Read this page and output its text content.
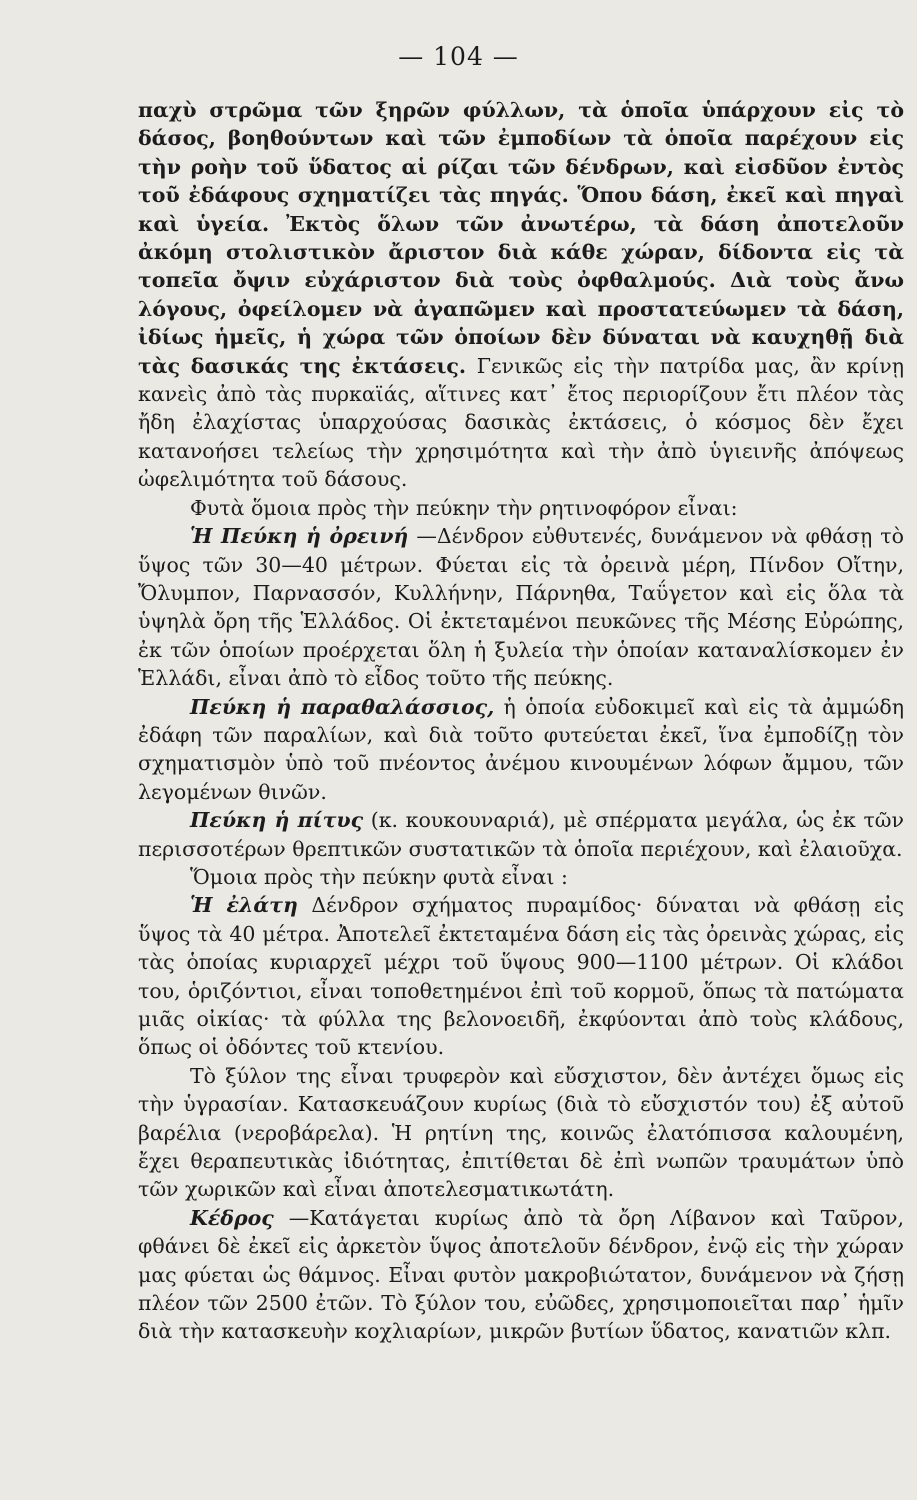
— 104 —

παχὺ στρῶμα τῶν ξηρῶν φύλλων, τὰ ὁποῖα ὑπάρχουν εἰς τὸ δάσος, βοηθούντων καὶ τῶν ἐμποδίων τὰ ὁποῖα παρέχουν εἰς τὴν ροὴν τοῦ ὕδατος αἱ ρίζαι τῶν δένδρων, καὶ εἰσδῦον ἐντὸς τοῦ ἐδάφους σχηματίζει τὰς πηγάς. Ὅπου δάση, ἐκεῖ καὶ πηγαὶ καὶ ὑγεία. Ἐκτὸς ὅλων τῶν ἀνωτέρω, τὰ δάση ἀποτελοῦν ἀκόμη στολιστικὸν ἄριστον διὰ κάθε χώραν, δίδοντα εἰς τὰ τοπεῖα ὄψιν εὐχάριστον διὰ τοὺς ὀφθαλμούς. Διὰ τοὺς ἄνω λόγους, ὀφείλομεν νὰ ἀγαπῶμεν καὶ προστατεύωμεν τὰ δάση, ἰδίως ἡμεῖς, ἡ χώρα τῶν ὁποίων δὲν δύναται νὰ καυχηθῇ διὰ τὰς δασικάς της ἐκτάσεις. Γενικῶς εἰς τὴν πατρίδα μας, ἂν κρίνῃ κανεὶς ἀπὸ τὰς πυρκαϊάς, αἵτινες κατ᾽ ἔτος περιορίζουν ἔτι πλέον τὰς ἤδη ἐλαχίστας ὑπαρχούσας δασικὰς ἐκτάσεις, ὁ κόσμος δὲν ἔχει κατανοήσει τελείως τὴν χρησιμότητα καὶ τὴν ἀπὸ ὑγιεινῆς ἀπόψεως ὠφελιμότητα τοῦ δάσους.

Φυτὰ ὅμοια πρὸς τὴν πεύκην τὴν ρητινοφόρον εἶναι:

Ἡ Πεύκη ἡ ὀρεινή —Δένδρον εὐθυτενές, δυνάμενον νὰ φθάσῃ τὸ ὕψος τῶν 30—40 μέτρων. Φύεται εἰς τὰ ὀρεινὰ μέρη, Πίνδον Οἴτην, Ὄλυμπον, Παρνασσόν, Κυλλήνην, Πάρνηθα, Ταΰγετον καὶ εἰς ὅλα τὰ ὑψηλὰ ὄρη τῆς Ἑλλάδος. Οἱ ἐκτεταμένοι πευκῶνες τῆς Μέσης Εὐρώπης, ἐκ τῶν ὁποίων προέρχεται ὅλη ἡ ξυλεία τὴν ὁποίαν καταναλίσκομεν ἐν Ἑλλάδι, εἶναι ἀπὸ τὸ εἶδος τοῦτο τῆς πεύκης.

Πεύκη ἡ παραθαλάσσιος, ἡ ὁποία εὐδοκιμεῖ καὶ εἰς τὰ ἀμμώδη ἐδάφη τῶν παραλίων, καὶ διὰ τοῦτο φυτεύεται ἐκεῖ, ἵνα ἐμποδίζῃ τὸν σχηματισμὸν ὑπὸ τοῦ πνέοντος ἀνέμου κινουμένων λόφων ἄμμου, τῶν λεγομένων θινῶν.

Πεύκη ἡ πίτυς (κ. κουκουναριά), μὲ σπέρματα μεγάλα, ὡς ἐκ τῶν περισσοτέρων θρεπτικῶν συστατικῶν τὰ ὁποῖα περιέχουν, καὶ ἐλαιοῦχα.

Ὅμοια πρὸς τὴν πεύκην φυτὰ εἶναι :

Ἡ ἐλάτη Δένδρον σχήματος πυραμίδος· δύναται νὰ φθάσῃ εἰς ὕψος τὰ 40 μέτρα. Ἀποτελεῖ ἐκτεταμένα δάση εἰς τὰς ὀρεινὰς χώρας, εἰς τὰς ὁποίας κυριαρχεῖ μέχρι τοῦ ὕψους 900—1100 μέτρων. Οἱ κλάδοι του, ὁριζόντιοι, εἶναι τοποθετημένοι ἐπὶ τοῦ κορμοῦ, ὅπως τὰ πατώματα μιᾶς οἰκίας· τὰ φύλλα της βελονοειδῆ, ἐκφύονται ἀπὸ τοὺς κλάδους, ὅπως οἱ ὀδόντες τοῦ κτενίου.

Τὸ ξύλον της εἶναι τρυφερὸν καὶ εὔσχιστον, δὲν ἀντέχει ὅμως εἰς τὴν ὑγρασίαν. Κατασκευάζουν κυρίως (διὰ τὸ εὔσχιστόν του) ἐξ αὐτοῦ βαρέλια (νεροβάρελα). Ἡ ρητίνη της, κοινῶς ἐλατόπισσα καλουμένη, ἔχει θεραπευτικὰς ἰδιότητας, ἐπιτίθεται δὲ ἐπὶ νωπῶν τραυμάτων ὑπὸ τῶν χωρικῶν καὶ εἶναι ἀποτελεσματικωτάτη.

Κέδρος —Κατάγεται κυρίως ἀπὸ τὰ ὄρη Λίβανον καὶ Ταῦρον, φθάνει δὲ ἐκεῖ εἰς ἀρκετὸν ὕψος ἀποτελοῦν δένδρον, ἐνῷ εἰς τὴν χώραν μας φύεται ὡς θάμνος. Εἶναι φυτὸν μακροβιώτατον, δυνάμενον νὰ ζήσῃ πλέον τῶν 2500 ἐτῶν. Τὸ ξύλον του, εὐῶδες, χρησιμοποιεῖται παρ᾽ ἡμῖν διὰ τὴν κατασκευὴν κοχλιαρίων, μικρῶν βυτίων ὕδατος, κανατιῶν κλπ.
